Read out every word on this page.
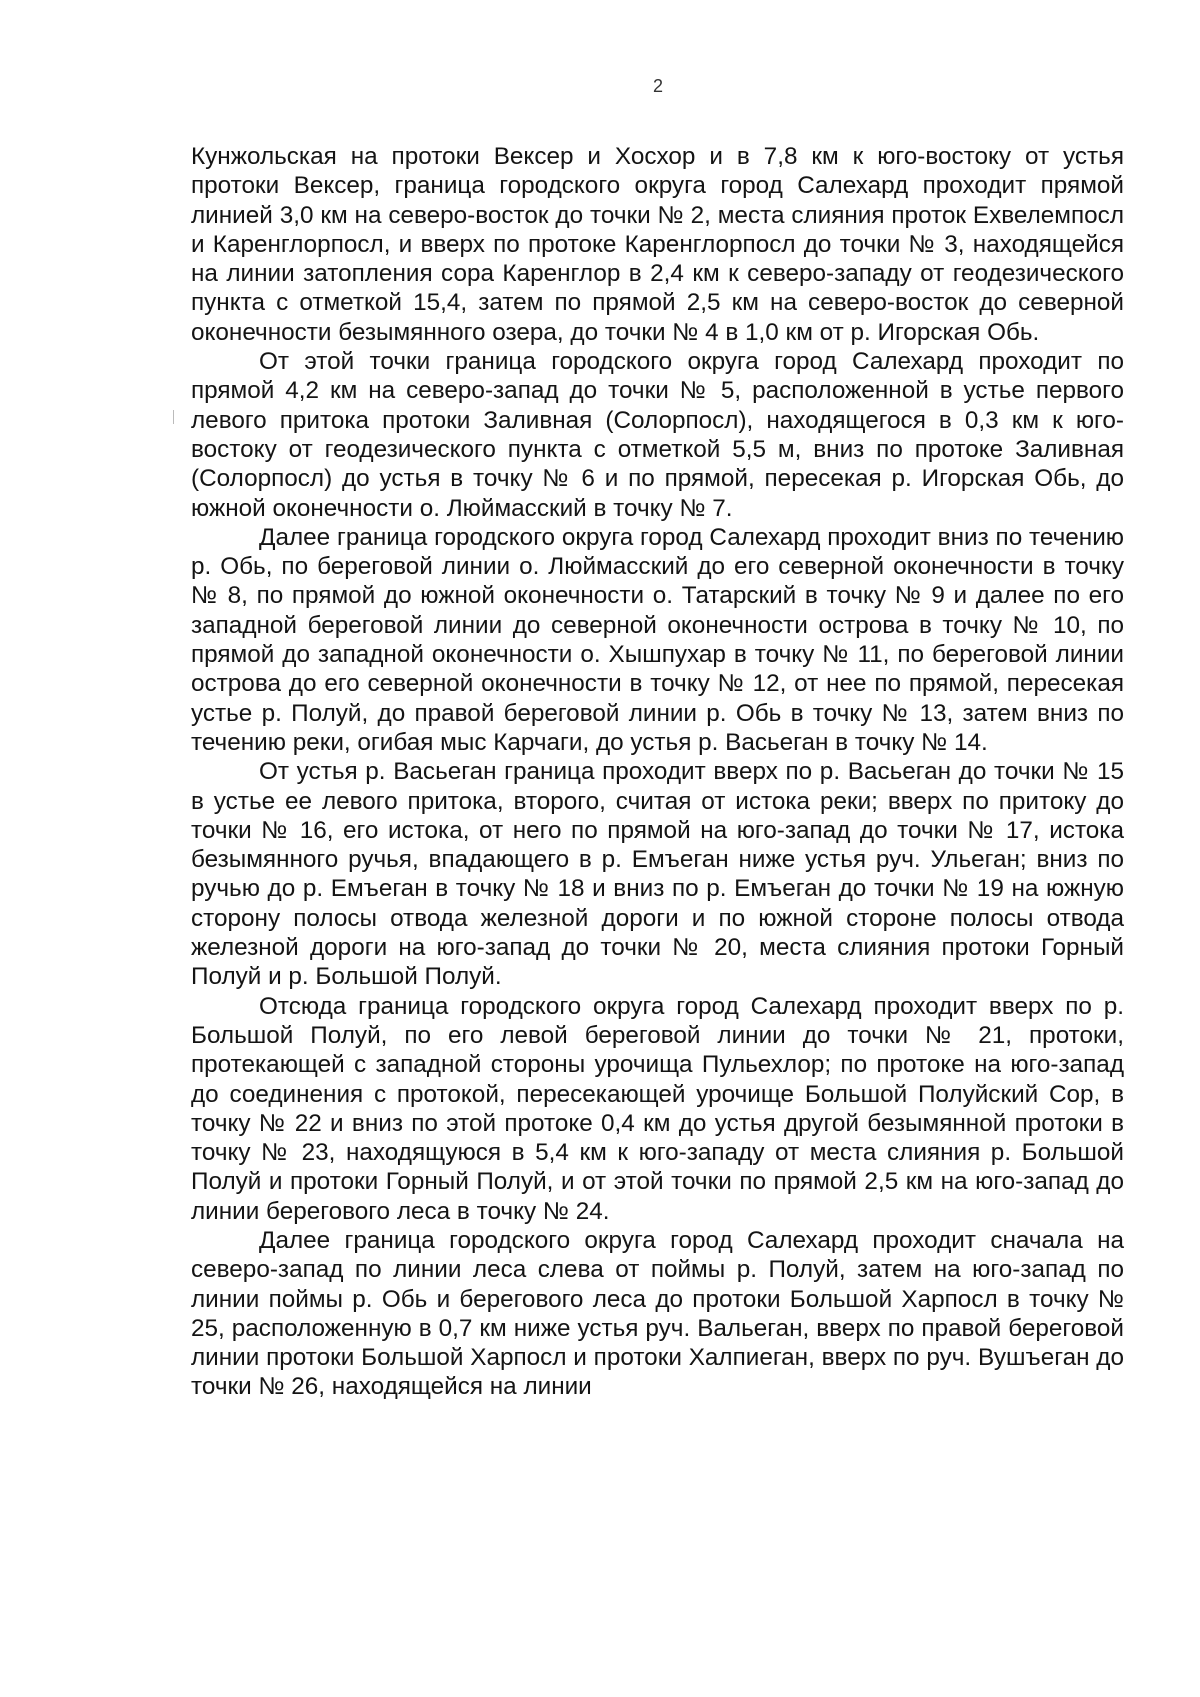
2

Кунжольская на протоки Вексер и Хосхор и в 7,8 км к юго-востоку от устья протоки Вексер, граница городского округа город Салехард проходит прямой линией 3,0 км на северо-восток до точки № 2, места слияния проток Ехвелемпосл и Каренглорпосл, и вверх по протоке Каренглорпосл до точки № 3, находящейся на линии затопления сора Каренглор в 2,4 км к северо-западу от геодезического пункта с отметкой 15,4, затем по прямой 2,5 км на северо-восток до северной оконечности безымянного озера, до точки № 4 в 1,0 км от р. Игорская Обь.

От этой точки граница городского округа город Салехард проходит по прямой 4,2 км на северо-запад до точки № 5, расположенной в устье первого левого притока протоки Заливная (Солорпосл), находящегося в 0,3 км к юго-востоку от геодезического пункта с отметкой 5,5 м, вниз по протоке Заливная (Солорпосл) до устья в точку № 6 и по прямой, пересекая р. Игорская Обь, до южной оконечности о. Люймасский в точку № 7.

Далее граница городского округа город Салехард проходит вниз по течению р. Обь, по береговой линии о. Люймасский до его северной оконечности в точку № 8, по прямой до южной оконечности о. Татарский в точку № 9 и далее по его западной береговой линии до северной оконечности острова в точку № 10, по прямой до западной оконечности о. Хышпухар в точку № 11, по береговой линии острова до его северной оконечности в точку № 12, от нее по прямой, пересекая устье р. Полуй, до правой береговой линии р. Обь в точку № 13, затем вниз по течению реки, огибая мыс Карчаги, до устья р. Васьеган в точку № 14.

От устья р. Васьеган граница проходит вверх по р. Васьеган до точки № 15 в устье ее левого притока, второго, считая от истока реки; вверх по притоку до точки № 16, его истока, от него по прямой на юго-запад до точки № 17, истока безымянного ручья, впадающего в р. Емъеган ниже устья руч. Ульеган; вниз по ручью до р. Емъеган в точку № 18 и вниз по р. Емъеган до точки № 19 на южную сторону полосы отвода железной дороги и по южной стороне полосы отвода железной дороги на юго-запад до точки № 20, места слияния протоки Горный Полуй и р. Большой Полуй.

Отсюда граница городского округа город Салехард проходит вверх по р. Большой Полуй, по его левой береговой линии до точки № 21, протоки, протекающей с западной стороны урочища Пульехлор; по протоке на юго-запад до соединения с протокой, пересекающей урочище Большой Полуйский Сор, в точку № 22 и вниз по этой протоке 0,4 км до устья другой безымянной протоки в точку № 23, находящуюся в 5,4 км к юго-западу от места слияния р. Большой Полуй и протоки Горный Полуй, и от этой точки по прямой 2,5 км на юго-запад до линии берегового леса в точку № 24.

Далее граница городского округа город Салехард проходит сначала на северо-запад по линии леса слева от поймы р. Полуй, затем на юго-запад по линии поймы р. Обь и берегового леса до протоки Большой Харпосл в точку № 25, расположенную в 0,7 км ниже устья руч. Вальеган, вверх по правой береговой линии протоки Большой Харпосл и протоки Халпиеган, вверх по руч. Вушъеган до точки № 26, находящейся на линии
